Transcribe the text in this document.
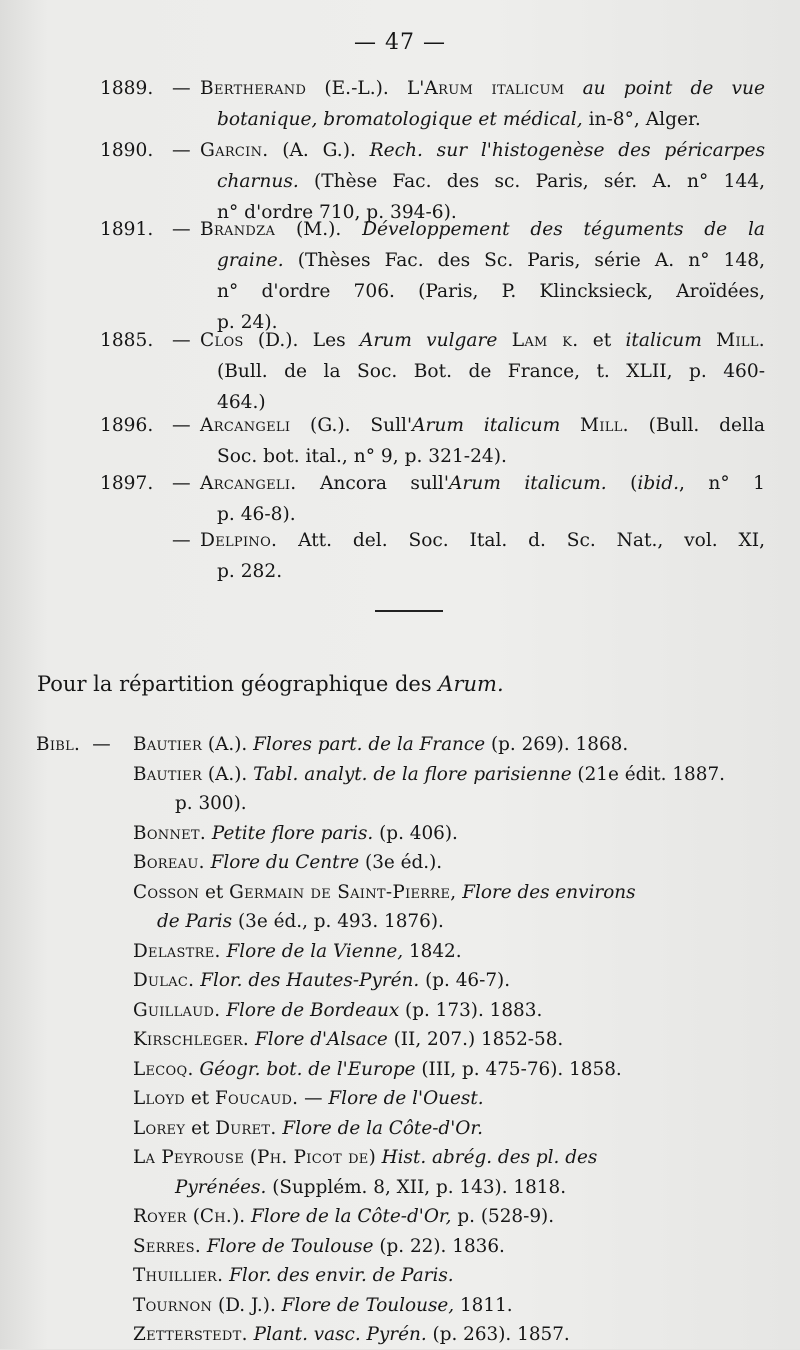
— 47 —
1889.	— Bertherand (E.-L.). L'Arum italicum au point de vue
botanique, bromatologique et médical, in-8°, Alger.
1890.	— Garcin. (A. G.). Rech. sur l'histogenèse des péricarpes
charnus. (Thèse Fac. des sc. Paris, sér. A. n° 144,
n° d'ordre 710, p. 394-6).
1891.	— Brandza (M.). Développement des téguments de la
graine. (Thèses Fac. des Sc. Paris, série A. n° 148,
n° d'ordre 706. (Paris, P. Klincksieck, Aroïdées,
p. 24).
1885.	— Clos (D.). Les Arum vulgare Lam k. et italicum Mill.
(Bull. de la Soc. Bot. de France, t. XLII, p. 460-
464.)
1896.	— Arcangeli (G.). Sull'Arum italicum Mill. (Bull. della
Soc. bot. ital., n° 9, p. 321-24).
1897.	— Arcangeli. Ancora sull'Arum italicum. (ibid., n° 1
p. 46-8).
— Delpino. Att. del. Soc. Ital. d. Sc. Nat., vol. XI,
p. 282.
Pour la répartition géographique des Arum.
Bibl. — Bautier (A.). Flores part. de la France (p. 269). 1868.
Bautier (A.). Tabl. analyt. de la flore parisienne (21e édit. 1887.
p. 300).
Bonnet. Petite flore paris. (p. 406).
Boreau. Flore du Centre (3e éd.).
Cosson et Germain de Saint-Pierre, Flore des environs
de Paris (3e éd., p. 493. 1876).
Delastre. Flore de la Vienne, 1842.
Dulac. Flor. des Hautes-Pyrén. (p. 46-7).
Guillaud. Flore de Bordeaux (p. 173). 1883.
Kirschleger. Flore d'Alsace (II, 207.) 1852-58.
Lecoq. Géogr. bot. de l'Europe (III, p. 475-76). 1858.
Lloyd et Foucaud. — Flore de l'Ouest.
Lorey et Duret. Flore de la Côte-d'Or.
La Peyrouse (Ph. Picot de) Hist. abrég. des pl. des
Pyrénées. (Supplém. 8, XII, p. 143). 1818.
Royer (Ch.). Flore de la Côte-d'Or, p. (528-9).
Serres. Flore de Toulouse (p. 22). 1836.
Thuillier. Flor. des envir. de Paris.
Tournon (D. J.). Flore de Toulouse, 1811.
Zetterstedt. Plant. vasc. Pyrén. (p. 263). 1857.
